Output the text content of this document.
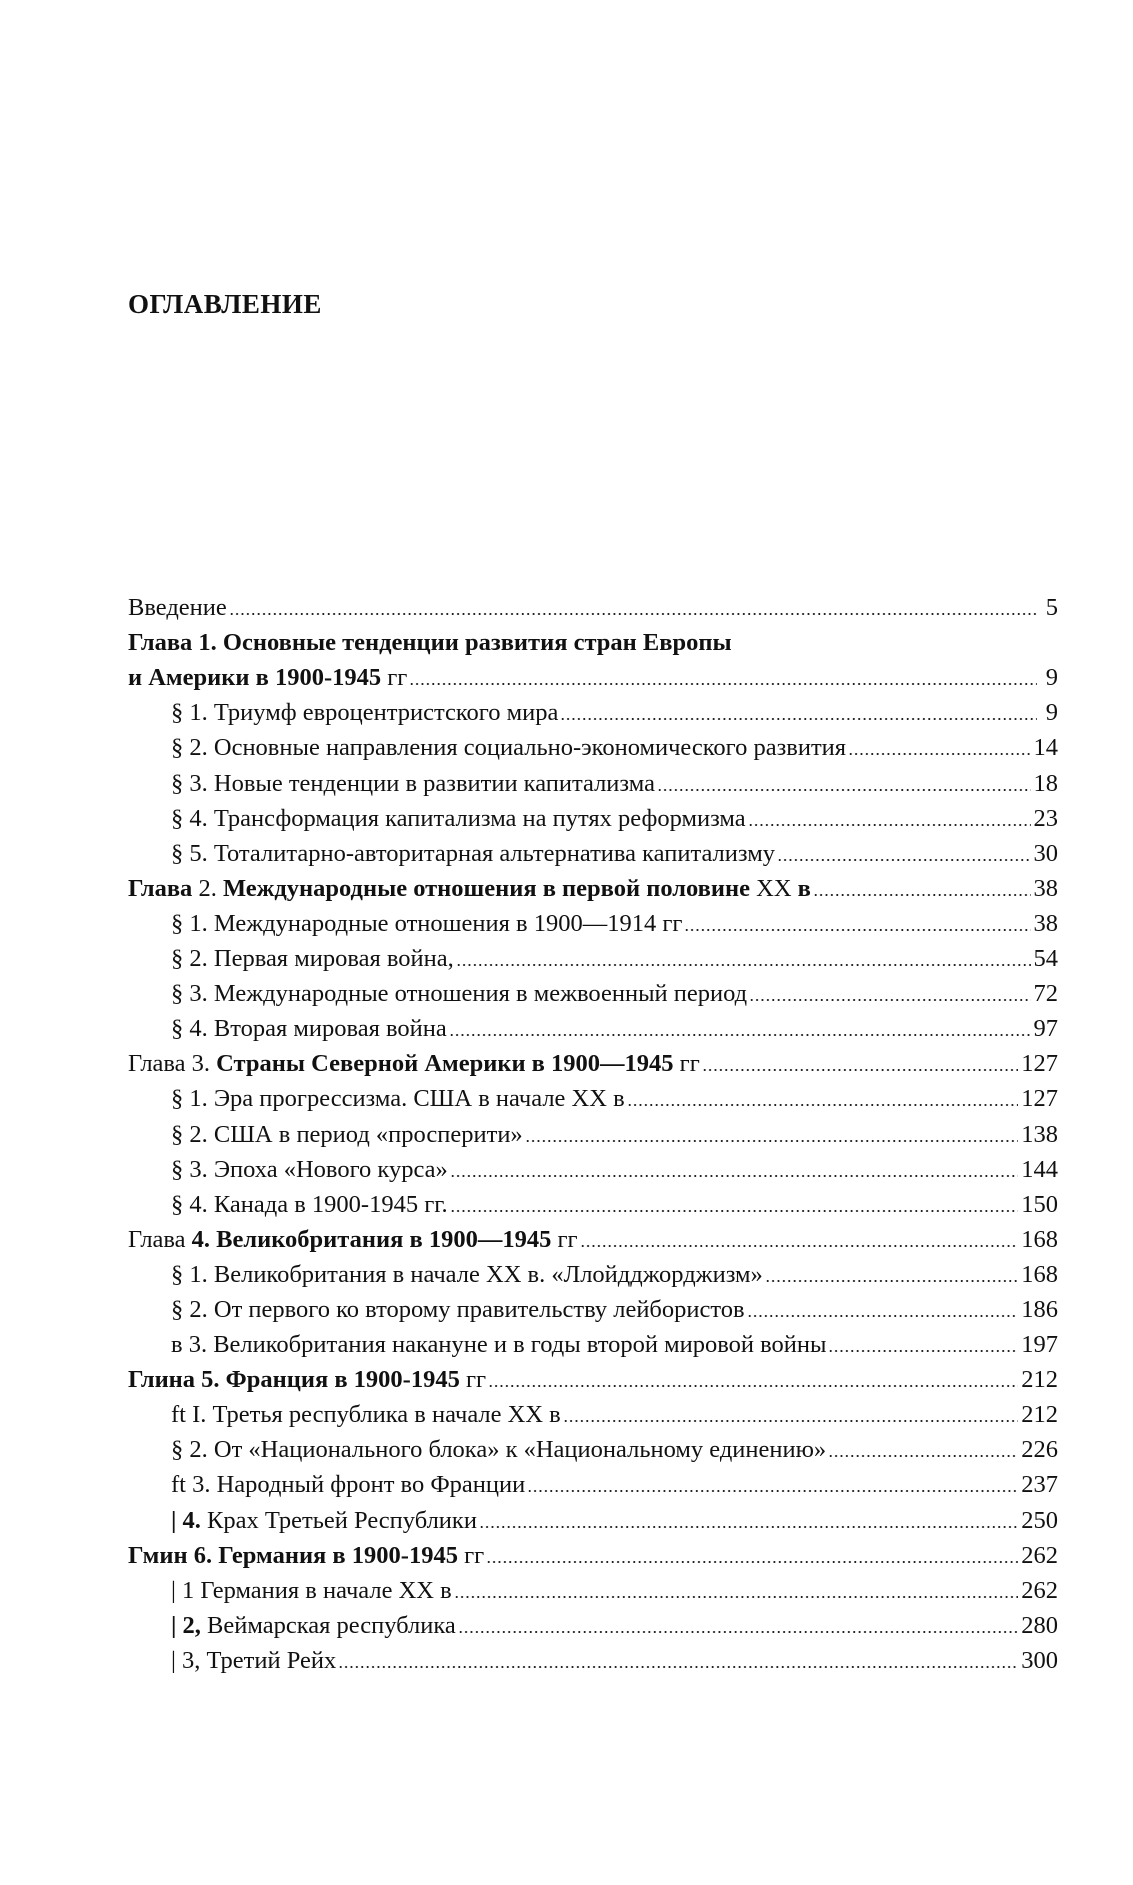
ОГЛАВЛЕНИЕ
Введение	5
Глава 1. Основные тенденции развития стран Европы
и Америки в 1900-1945 гг	9
§ 1. Триумф евроцентристского мира	9
§ 2. Основные направления социально-экономического развития	14
§ 3. Новые тенденции в развитии капитализма	18
§ 4. Трансформация капитализма на путях реформизма	23
§ 5. Тоталитарно-авторитарная альтернатива капитализму	30
Глава 2. Международные отношения в первой половине XX в	38
§ 1. Международные отношения в 1900—1914 гг	38
§ 2. Первая мировая война,	54
§ 3. Международные отношения в межвоенный период	72
§ 4. Вторая мировая война	97
Глава 3. Страны Северной Америки в 1900—1945 гг	127
§ 1. Эра прогрессизма. США в начале XX в	127
§ 2. США в период «просперити»	138
§ 3. Эпоха «Нового курса»	144
§ 4. Канада в 1900-1945 гг.	150
Глава 4. Великобритания в 1900—1945 гг	168
§ 1. Великобритания в начале XX в. «Ллойдджорджизм»	168
§ 2. От первого ко второму правительству лейбористов	186
в 3. Великобритания накануне и в годы второй мировой войны	197
Глина 5. Франция в 1900-1945 гг	212
ft I. Третья республика в начале XX в	212
§ 2. От «Национального блока» к «Национальному единению»	226
ft 3. Народный фронт во Франции	237
| 4. Крах Третьей Республики	250
Гмин 6. Германия в 1900-1945 гг	262
| 1 Германия в начале XX в	262
| 2, Веймарская республика	280
| 3, Третий Рейх	300
